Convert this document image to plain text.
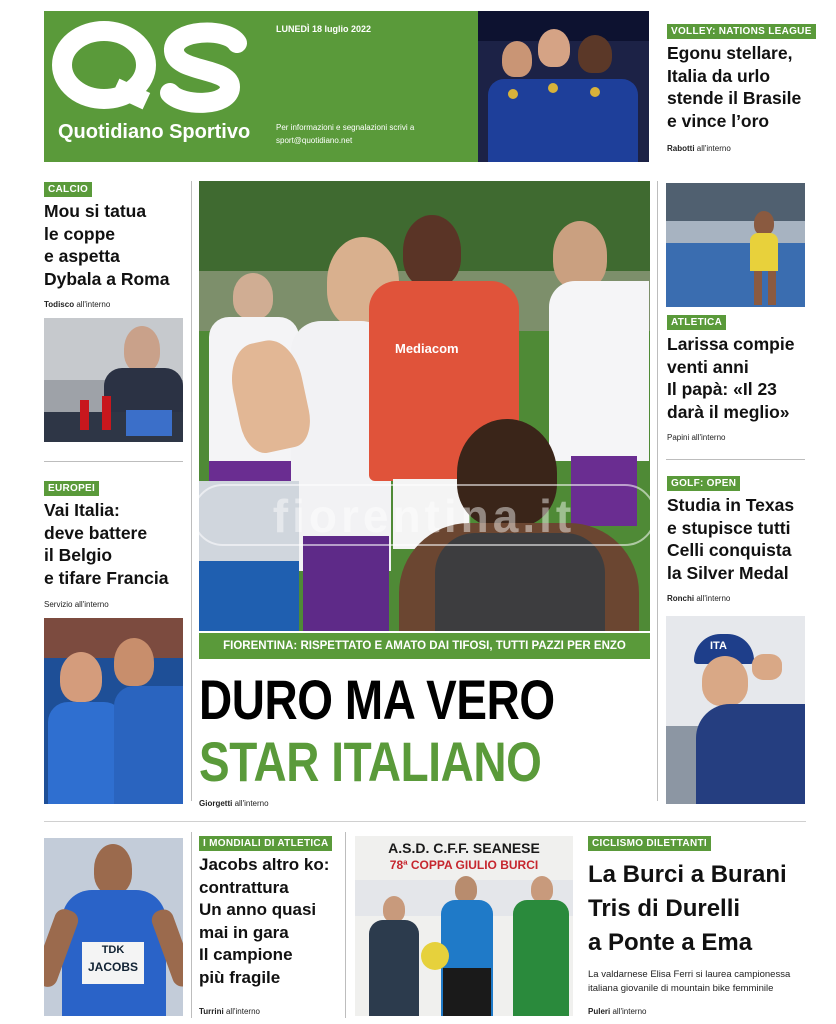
Quotidiano Sportivo
LUNEDÌ 18 luglio 2022
Per informazioni e segnalazioni scrivi a
sport@quotidiano.net
VOLLEY: NATIONS LEAGUE
Egonu stellare,
Italia da urlo
stende il Brasile
e vince l’oro
Rabotti all'interno
CALCIO
Mou si tatua
le coppe
e aspetta
Dybala a Roma
Todisco all'interno
EUROPEI
Vai Italia:
deve battere
il Belgio
e tifare Francia
Servizio all'interno
Mediacom
fiorentina.it
FIORENTINA: RISPETTATO E AMATO DAI TIFOSI, TUTTI PAZZI PER ENZO
DURO MA VERO
STAR ITALIANO
Giorgetti all'interno
ATLETICA
Larissa compie
venti anni
Il papà: «Il 23
darà il meglio»
Papini all'interno
GOLF: OPEN
Studia in Texas
e stupisce tutti
Celli conquista
la Silver Medal
Ronchi all'interno
ITA
TDK
JACOBS
I MONDIALI DI ATLETICA
Jacobs altro ko:
contrattura
Un anno quasi
mai in gara
Il campione
più fragile
Turrini all'interno
A.S.D. C.F.F. SEANESE
78ª COPPA GIULIO BURCI
CICLISMO DILETTANTI
La Burci a Burani
Tris di Durelli
a Ponte a Ema
La valdarnese Elisa Ferri si laurea campionessa
italiana giovanile di mountain bike femminile
Puleri all'interno
